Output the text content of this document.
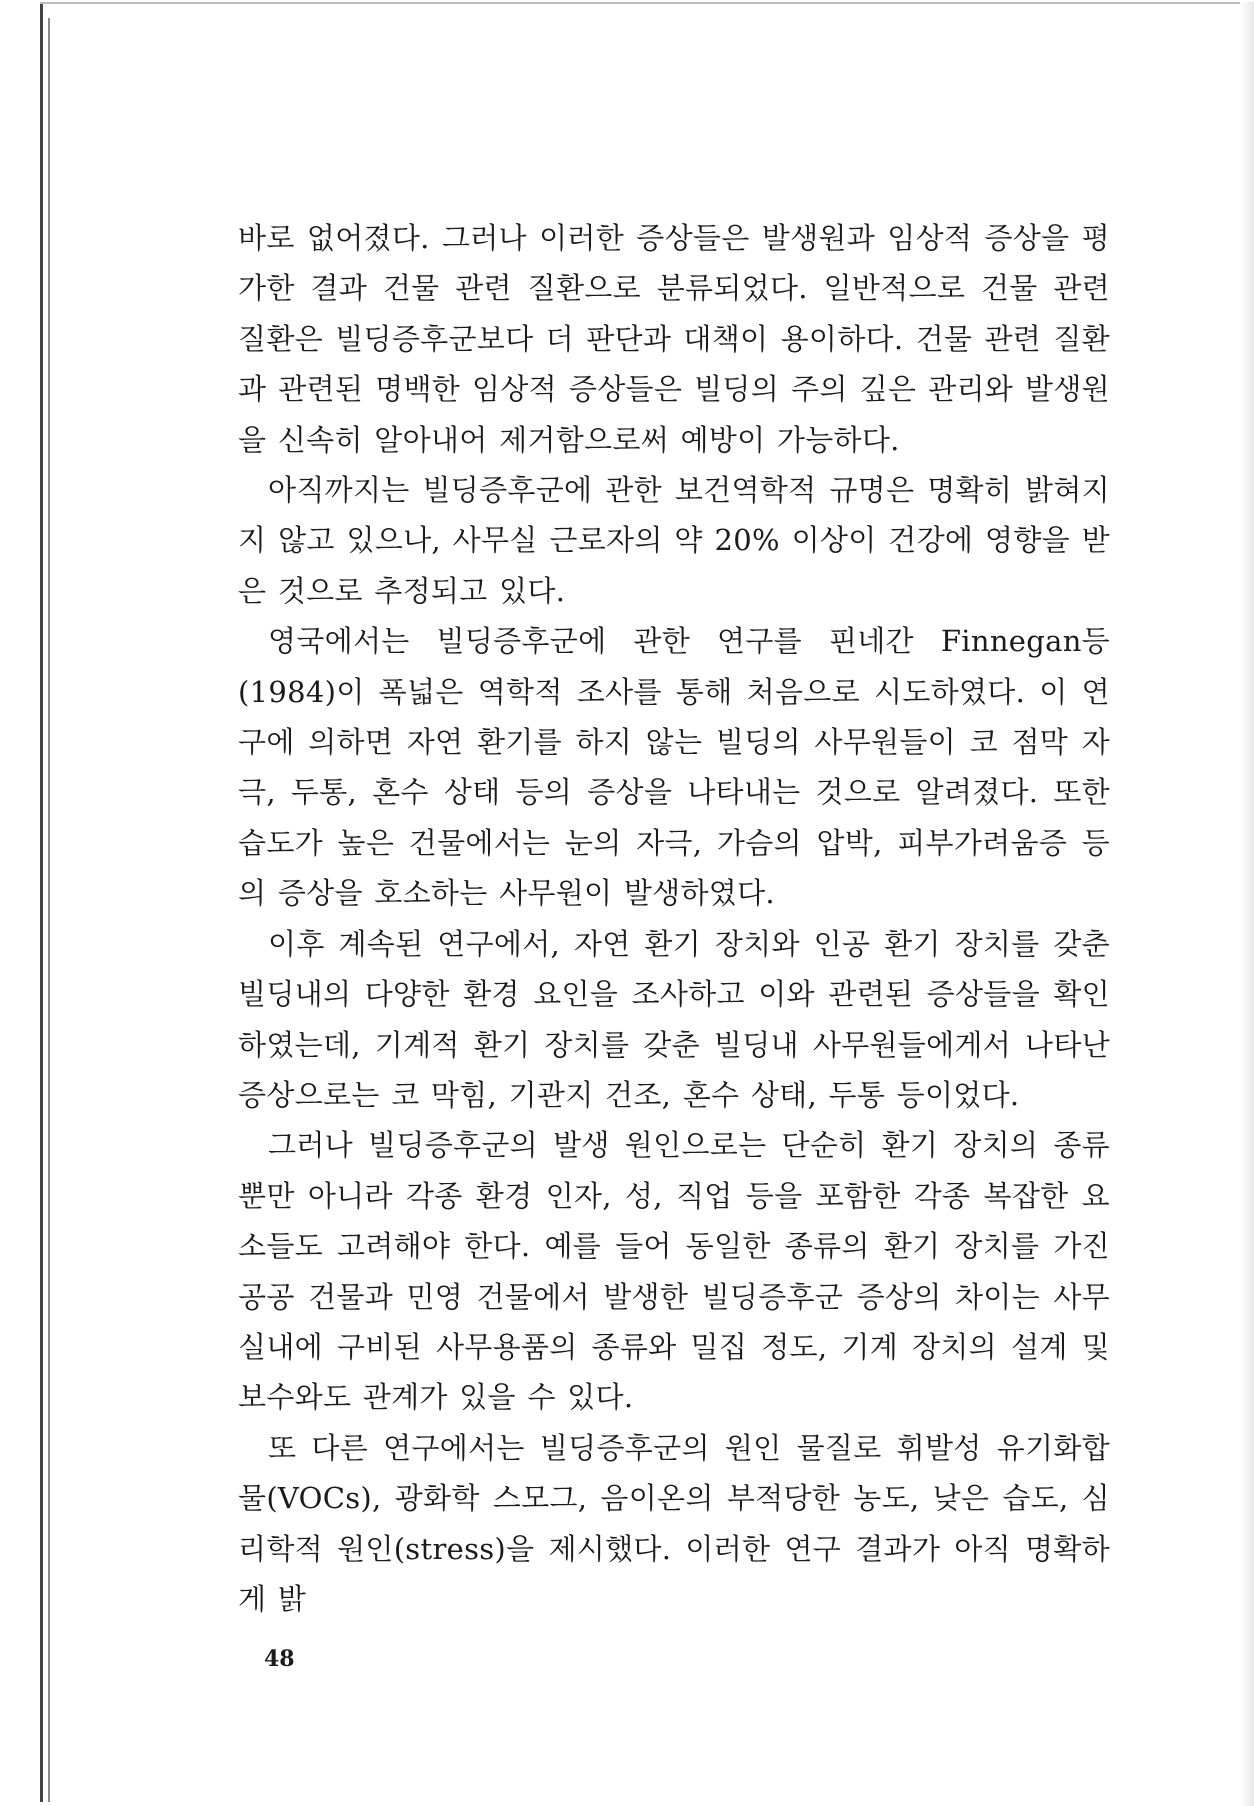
바로 없어졌다. 그러나 이러한 증상들은 발생원과 임상적 증상을 평가한 결과 건물 관련 질환으로 분류되었다. 일반적으로 건물 관련 질환은 빌딩증후군보다 더 판단과 대책이 용이하다. 건물 관련 질환과 관련된 명백한 임상적 증상들은 빌딩의 주의 깊은 관리와 발생원을 신속히 알아내어 제거함으로써 예방이 가능하다.

아직까지는 빌딩증후군에 관한 보건역학적 규명은 명확히 밝혀지지 않고 있으나, 사무실 근로자의 약 20% 이상이 건강에 영향을 받은 것으로 추정되고 있다.

영국에서는 빌딩증후군에 관한 연구를 핀네간 Finnegan등(1984)이 폭넓은 역학적 조사를 통해 처음으로 시도하였다. 이 연구에 의하면 자연 환기를 하지 않는 빌딩의 사무원들이 코 점막 자극, 두통, 혼수 상태 등의 증상을 나타내는 것으로 알려졌다. 또한 습도가 높은 건물에서는 눈의 자극, 가슴의 압박, 피부가려움증 등의 증상을 호소하는 사무원이 발생하였다.

이후 계속된 연구에서, 자연 환기 장치와 인공 환기 장치를 갖춘 빌딩내의 다양한 환경 요인을 조사하고 이와 관련된 증상들을 확인하였는데, 기계적 환기 장치를 갖춘 빌딩내 사무원들에게서 나타난 증상으로는 코 막힘, 기관지 건조, 혼수 상태, 두통 등이었다.

그러나 빌딩증후군의 발생 원인으로는 단순히 환기 장치의 종류뿐만 아니라 각종 환경 인자, 성, 직업 등을 포함한 각종 복잡한 요소들도 고려해야 한다. 예를 들어 동일한 종류의 환기 장치를 가진 공공 건물과 민영 건물에서 발생한 빌딩증후군 증상의 차이는 사무실내에 구비된 사무용품의 종류와 밀집 정도, 기계 장치의 설계 및 보수와도 관계가 있을 수 있다.

또 다른 연구에서는 빌딩증후군의 원인 물질로 휘발성 유기화합물(VOCs), 광화학 스모그, 음이온의 부적당한 농도, 낮은 습도, 심리학적 원인(stress)을 제시했다. 이러한 연구 결과가 아직 명확하게 밝

48
